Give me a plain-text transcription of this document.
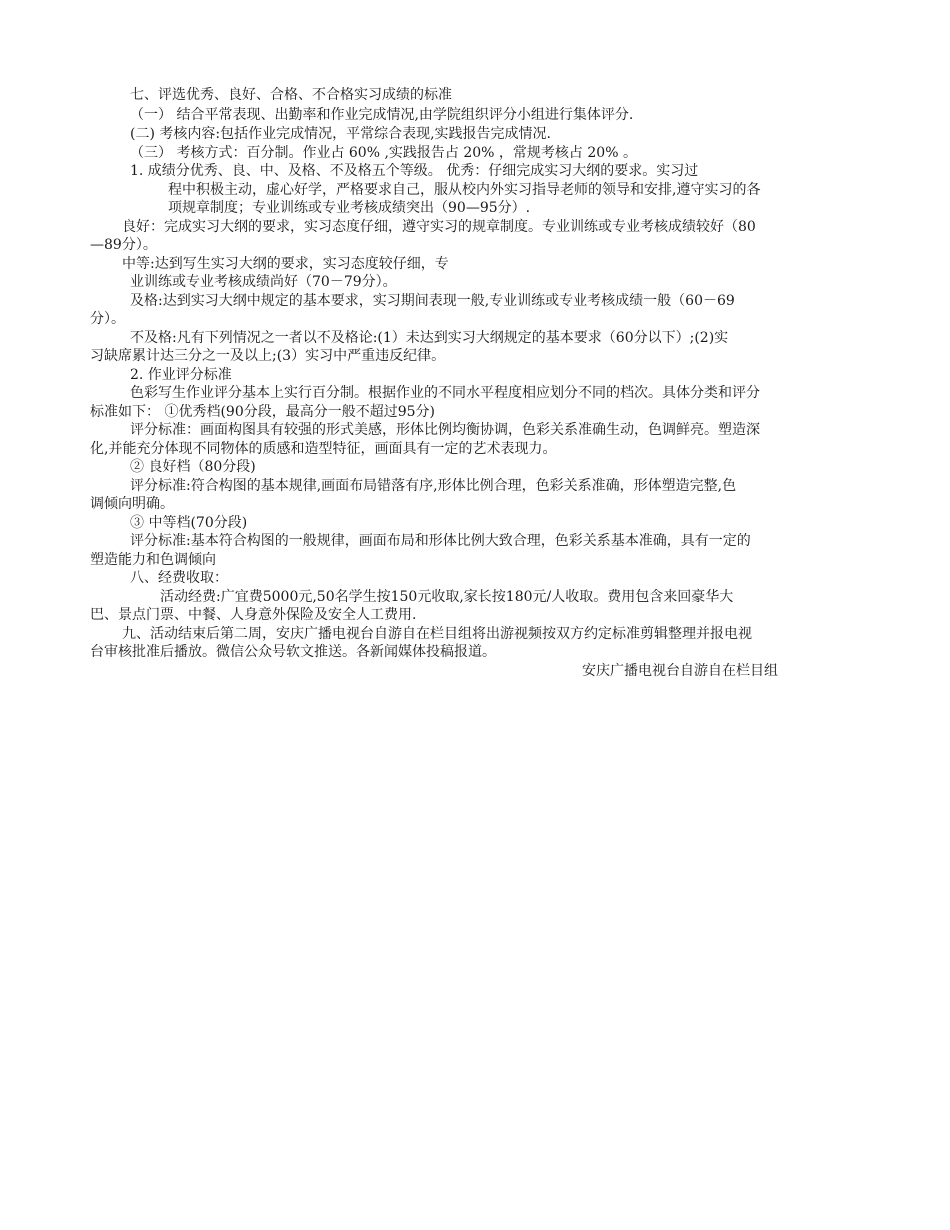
七、评选优秀、良好、合格、不合格实习成绩的标准
（一） 结合平常表现、出勤率和作业完成情况,由学院组织评分小组进行集体评分.
(二) 考核内容:包括作业完成情况，平常综合表现,实践报告完成情况.
（三） 考核方式：百分制。作业占 60% ,实践报告占 20% ，常规考核占 20% 。
1. 成绩分优秀、良、中、及格、不及格五个等级。 优秀：仔细完成实习大纲的要求。实习过
程中积极主动，虚心好学，严格要求自己，服从校内外实习指导老师的领导和安排,遵守实习的各
项规章制度；专业训练或专业考核成绩突出（90—95分）.
良好：完成实习大纲的要求，实习态度仔细，遵守实习的规章制度。专业训练或专业考核成绩较好（80
—89分）。
中等:达到写生实习大纲的要求，实习态度较仔细，专
业训练或专业考核成绩尚好（70－79分）。
及格:达到实习大纲中规定的基本要求，实习期间表现一般,专业训练或专业考核成绩一般（60－69
分）。
不及格:凡有下列情况之一者以不及格论:(1）未达到实习大纲规定的基本要求（60分以下）;(2)实
习缺席累计达三分之一及以上;(3）实习中严重违反纪律。
2. 作业评分标准
色彩写生作业评分基本上实行百分制。根据作业的不同水平程度相应划分不同的档次。具体分类和评分
标准如下： ①优秀档(90分段，最高分一般不超过95分)
评分标准：画面构图具有较强的形式美感，形体比例均衡协调，色彩关系准确生动，色调鲜亮。塑造深
化,并能充分体现不同物体的质感和造型特征，画面具有一定的艺术表现力。
② 良好档（80分段)
评分标准:符合构图的基本规律,画面布局错落有序,形体比例合理，色彩关系准确，形体塑造完整,色
调倾向明确。
③ 中等档(70分段)
评分标准:基本符合构图的一般规律，画面布局和形体比例大致合理，色彩关系基本准确，具有一定的
塑造能力和色调倾向
八、经费收取：
活动经费:广宜费5000元,50名学生按150元收取,家长按180元/人收取。费用包含来回豪华大
巴、景点门票、中餐、人身意外保险及安全人工费用.
九、活动结束后第二周，安庆广播电视台自游自在栏目组将出游视频按双方约定标准剪辑整理并报电视
台审核批准后播放。微信公众号软文推送。各新闻媒体投稿报道。
安庆广播电视台自游自在栏目组
